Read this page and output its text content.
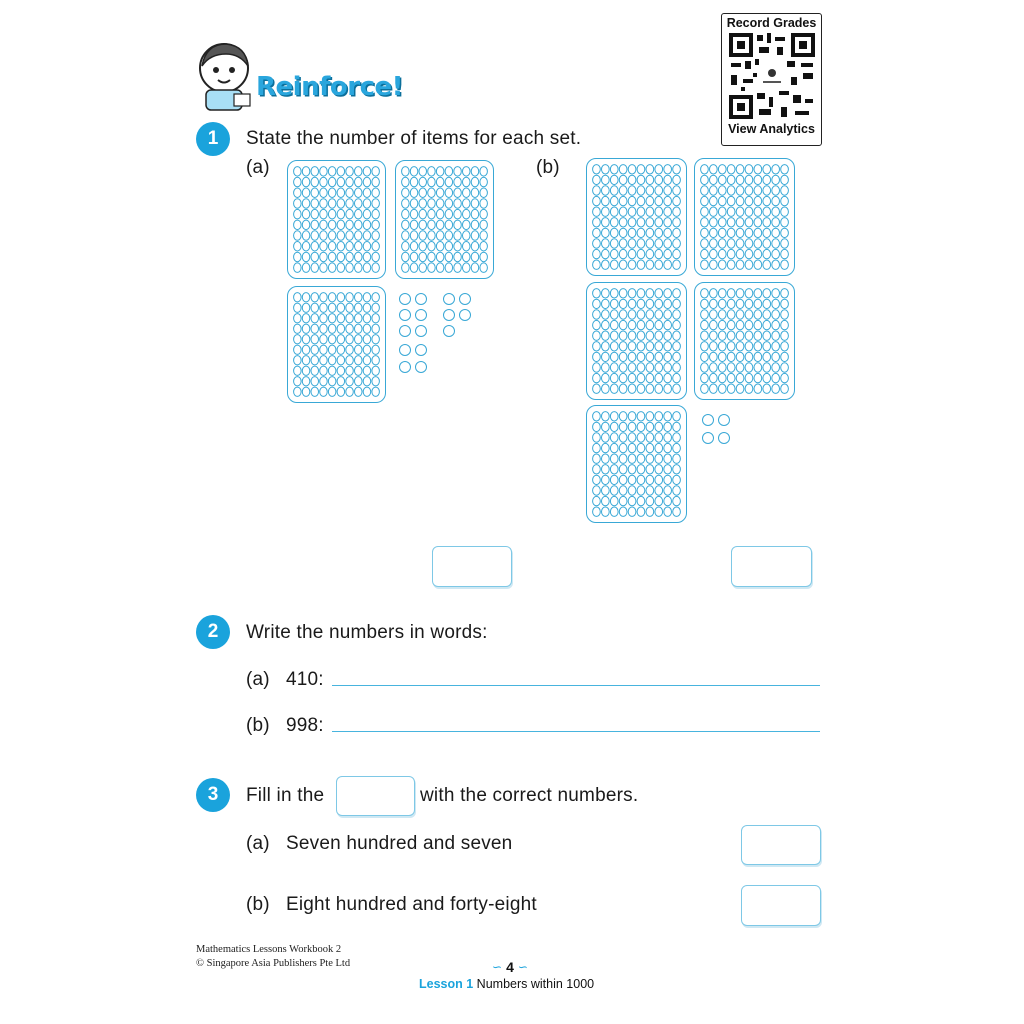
Reinforce!
Record Grades
View Analytics
1	State the number of items for each set.
(a)	(b)
2	Write the numbers in words:
(a) 410:
(b) 998:
3	Fill in the	with the correct numbers.
(a) Seven hundred and seven
(b) Eight hundred and forty-eight
Mathematics Lessons Workbook 2
© Singapore Asia Publishers Pte Ltd	∽ 4 ∽
Lesson 1 Numbers within 1000
